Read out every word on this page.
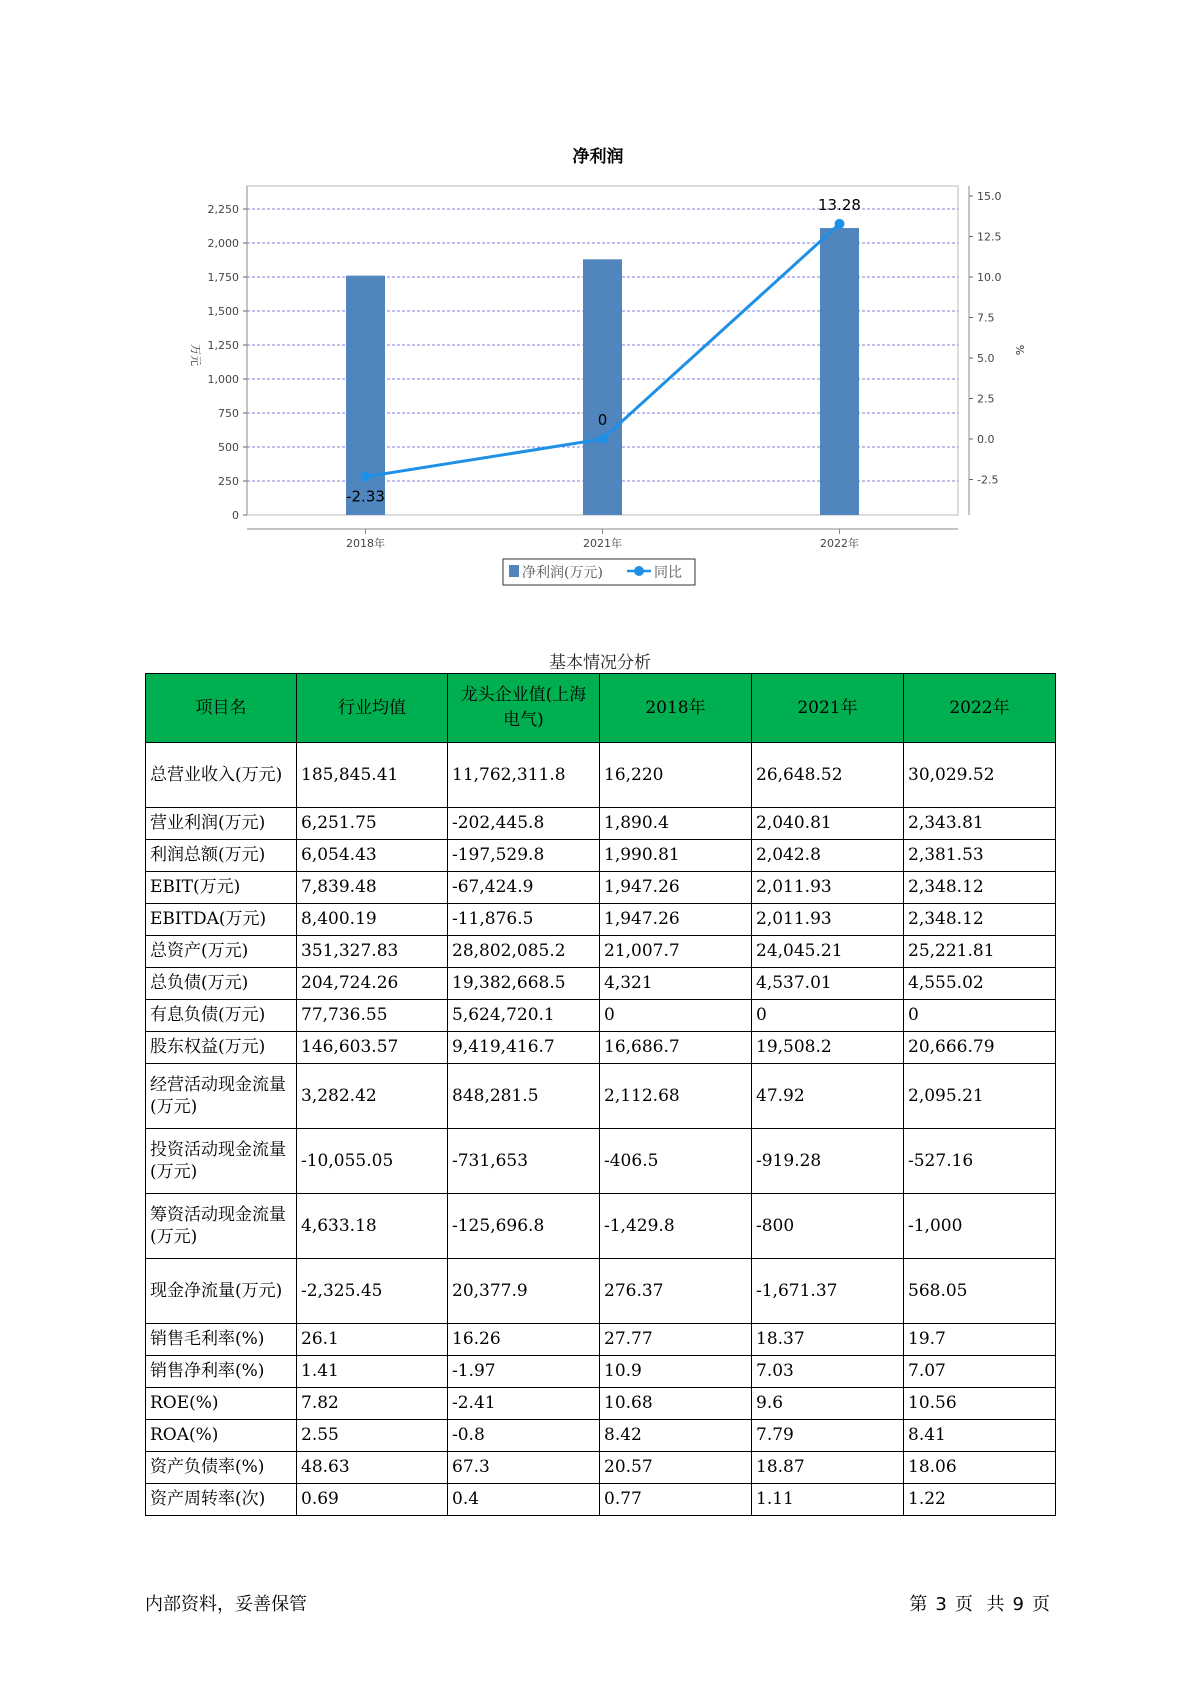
净利润
-2.33
0
13.28
0
250
500
750
1,000
1,250
1,500
1,750
2,000
2,250
-2.5
0.0
2.5
5.0
7.5
10.0
12.5
15.0
2018年	2021年	2022年
万元	%
净利润(万元)	同比
基本情况分析
项目名	行业均值	龙头企业值(上海电气)	2018年	2021年	2022年
总营业收入(万元)	185,845.41	11,762,311.8	16,220	26,648.52	30,029.52
营业利润(万元)	6,251.75	-202,445.8	1,890.4	2,040.81	2,343.81
利润总额(万元)	6,054.43	-197,529.8	1,990.81	2,042.8	2,381.53
EBIT(万元)	7,839.48	-67,424.9	1,947.26	2,011.93	2,348.12
EBITDA(万元)	8,400.19	-11,876.5	1,947.26	2,011.93	2,348.12
总资产(万元)	351,327.83	28,802,085.2	21,007.7	24,045.21	25,221.81
总负债(万元)	204,724.26	19,382,668.5	4,321	4,537.01	4,555.02
有息负债(万元)	77,736.55	5,624,720.1	0	0	0
股东权益(万元)	146,603.57	9,419,416.7	16,686.7	19,508.2	20,666.79
经营活动现金流量(万元)	3,282.42	848,281.5	2,112.68	47.92	2,095.21
投资活动现金流量(万元)	-10,055.05	-731,653	-406.5	-919.28	-527.16
筹资活动现金流量(万元)	4,633.18	-125,696.8	-1,429.8	-800	-1,000
现金净流量(万元)	-2,325.45	20,377.9	276.37	-1,671.37	568.05
销售毛利率(%)	26.1	16.26	27.77	18.37	19.7
销售净利率(%)	1.41	-1.97	10.9	7.03	7.07
ROE(%)	7.82	-2.41	10.68	9.6	10.56
ROA(%)	2.55	-0.8	8.42	7.79	8.41
资产负债率(%)	48.63	67.3	20.57	18.87	18.06
资产周转率(次)	0.69	0.4	0.77	1.11	1.22
内部资料，妥善保管	第 3 页 共 9 页
